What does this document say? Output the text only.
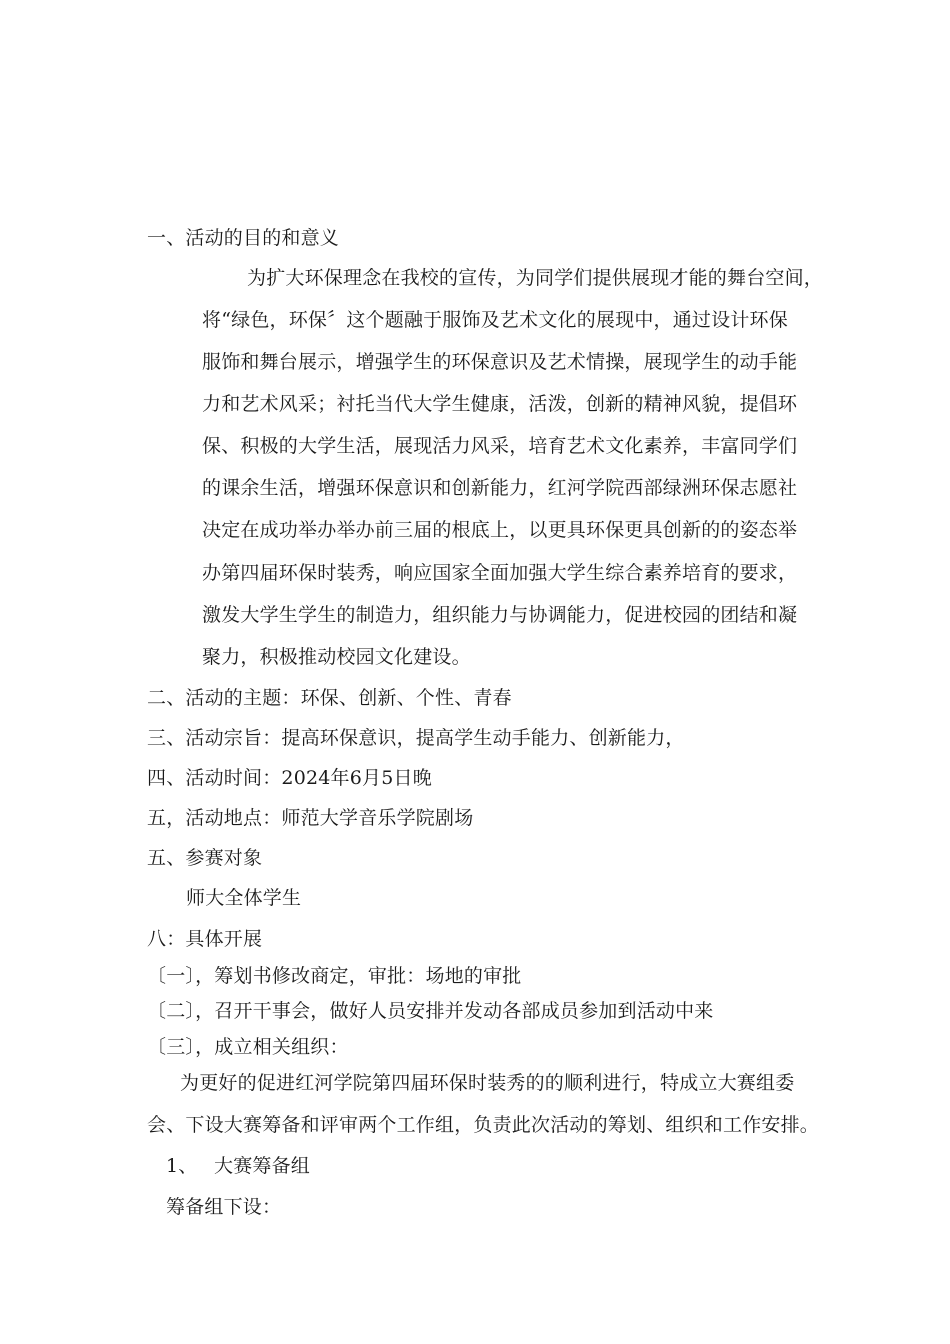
一、活动的目的和意义
为扩大环保理念在我校的宣传，为同学们提供展现才能的舞台空间，
将“绿色，环保〞这个题融于服饰及艺术文化的展现中，通过设计环保
服饰和舞台展示，增强学生的环保意识及艺术情操，展现学生的动手能
力和艺术风采；衬托当代大学生健康，活泼，创新的精神风貌，提倡环
保、积极的大学生活，展现活力风采，培育艺术文化素养，丰富同学们
的课余生活，增强环保意识和创新能力，红河学院西部绿洲环保志愿社
决定在成功举办举办前三届的根底上，以更具环保更具创新的的姿态举
办第四届环保时装秀，响应国家全面加强大学生综合素养培育的要求，
激发大学生学生的制造力，组织能力与协调能力，促进校园的团结和凝
聚力，积极推动校园文化建设。
二、活动的主题：环保、创新、个性、青春
三、活动宗旨：提高环保意识，提高学生动手能力、创新能力，
四、活动时间：2024年6月5日晚
五，活动地点：师范大学音乐学院剧场
五、参赛对象
师大全体学生
八：具体开展
〔一〕，筹划书修改商定，审批：场地的审批
〔二〕，召开干事会，做好人员安排并发动各部成员参加到活动中来
〔三〕，成立相关组织：
为更好的促进红河学院第四届环保时装秀的的顺利进行，特成立大赛组委
会、下设大赛筹备和评审两个工作组，负责此次活动的筹划、组织和工作安排。
1、 大赛筹备组
筹备组下设：
